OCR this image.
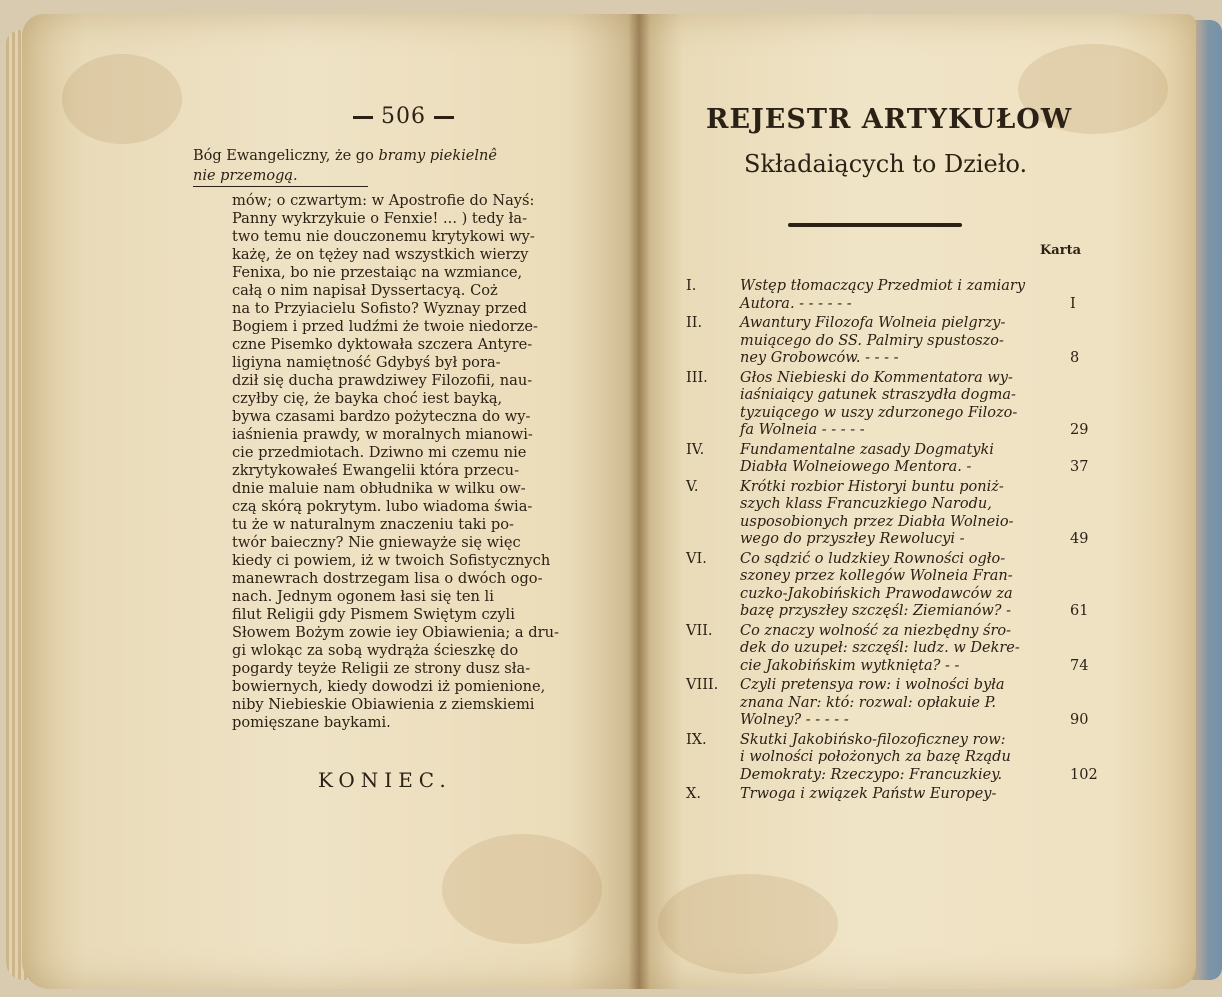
506
Bóg Ewangeliczny, że go bramy piekielnê
nie przemogą.
mów; o czwartym: w Apostrofie do Nayś:
Panny wykrzykuie o Fenxie! ... ) tedy ła-
two temu nie douczonemu krytykowi wy-
każę, że on tężey nad wszystkich wierzy
Fenixa, bo nie przestaiąc na wzmiance,
całą o nim napisał Dyssertacyą. Coż
na to Przyiacielu Sofisto? Wyznay przed
Bogiem i przed ludźmi że twoie niedorze-
czne Pisemko dyktowała szczera Antyre-
ligiyna namiętność Gdybyś był pora-
dził się ducha prawdziwey Filozofii, nau-
czyłby cię, że bayka choć iest bayką,
bywa czasami bardzo pożyteczna do wy-
iaśnienia prawdy, w moralnych mianowi-
cie przedmiotach. Dziwno mi czemu nie
zkrytykowałeś Ewangelii która przecu-
dnie maluie nam obłudnika w wilku ow-
czą skórą pokrytym. lubo wiadoma świa-
tu że w naturalnym znaczeniu taki po-
twór baieczny? Nie gniewayże się więc
kiedy ci powiem, iż w twoich Sofistycznych
manewrach dostrzegam lisa o dwóch ogo-
nach. Jednym ogonem łasi się ten li
filut Religii gdy Pismem Swiętym czyli
Słowem Bożym zowie iey Obiawienia; a dru-
gi wlokąc za sobą wydrąża ścieszkę do
pogardy teyże Religii ze strony dusz sła-
bowiernych, kiedy dowodzi iż pomienione,
niby Niebieskie Obiawienia z ziemskiemi
pomięszane baykami.
KONIEC.
REJESTR ARTYKUŁOW
Składaiących to Dzieło.
Karta
I.	Wstęp tłomaczący Przedmiot i zamiary
Autora. - - - - - -	I
II.	Awantury Filozofa Wolneia pielgrzy-
muiącego do SS. Palmiry spustoszo-
ney Grobowców. - - - -	8
III. Głos Niebieski do Kommentatora wy-
iaśniaiący gatunek straszydła dogma-
tyzuiącego w uszy zdurzonego Filozo-
fa Wolneia - - - - -	29
IV. Fundamentalne zasady Dogmatyki
Diabła Wolneiowego Mentora. -	37
V.	Krótki rozbior Historyi buntu poniż-
szych klass Francuzkiego Narodu,
usposobionych przez Diabła Wolneio-
wego do przyszłey Rewolucyi -	49
VI. Co sądzić o ludzkiey Rowności ogło-
szoney przez kollegów Wolneia Fran-
cuzko-Jakobińskich Prawodawców za
bazę przyszłey szczęśl: Ziemianów? -	61
VII. Co znaczy wolność za niezbędny śro-
dek do uzupeł: szczęśl: ludz. w Dekre-
cie Jakobińskim wytknięta? - -	74
VIII. Czyli pretensya row: i wolności była
znana Nar: któ: rozwal: opłakuie P.
Wolney? - - - - -	90
IX. Skutki Jakobińsko-filozoficzney row:
i wolności położonych za bazę Rządu
Demokraty: Rzeczypo: Francuzkiey.	102
X.	Trwoga i związek Państw Europey-
